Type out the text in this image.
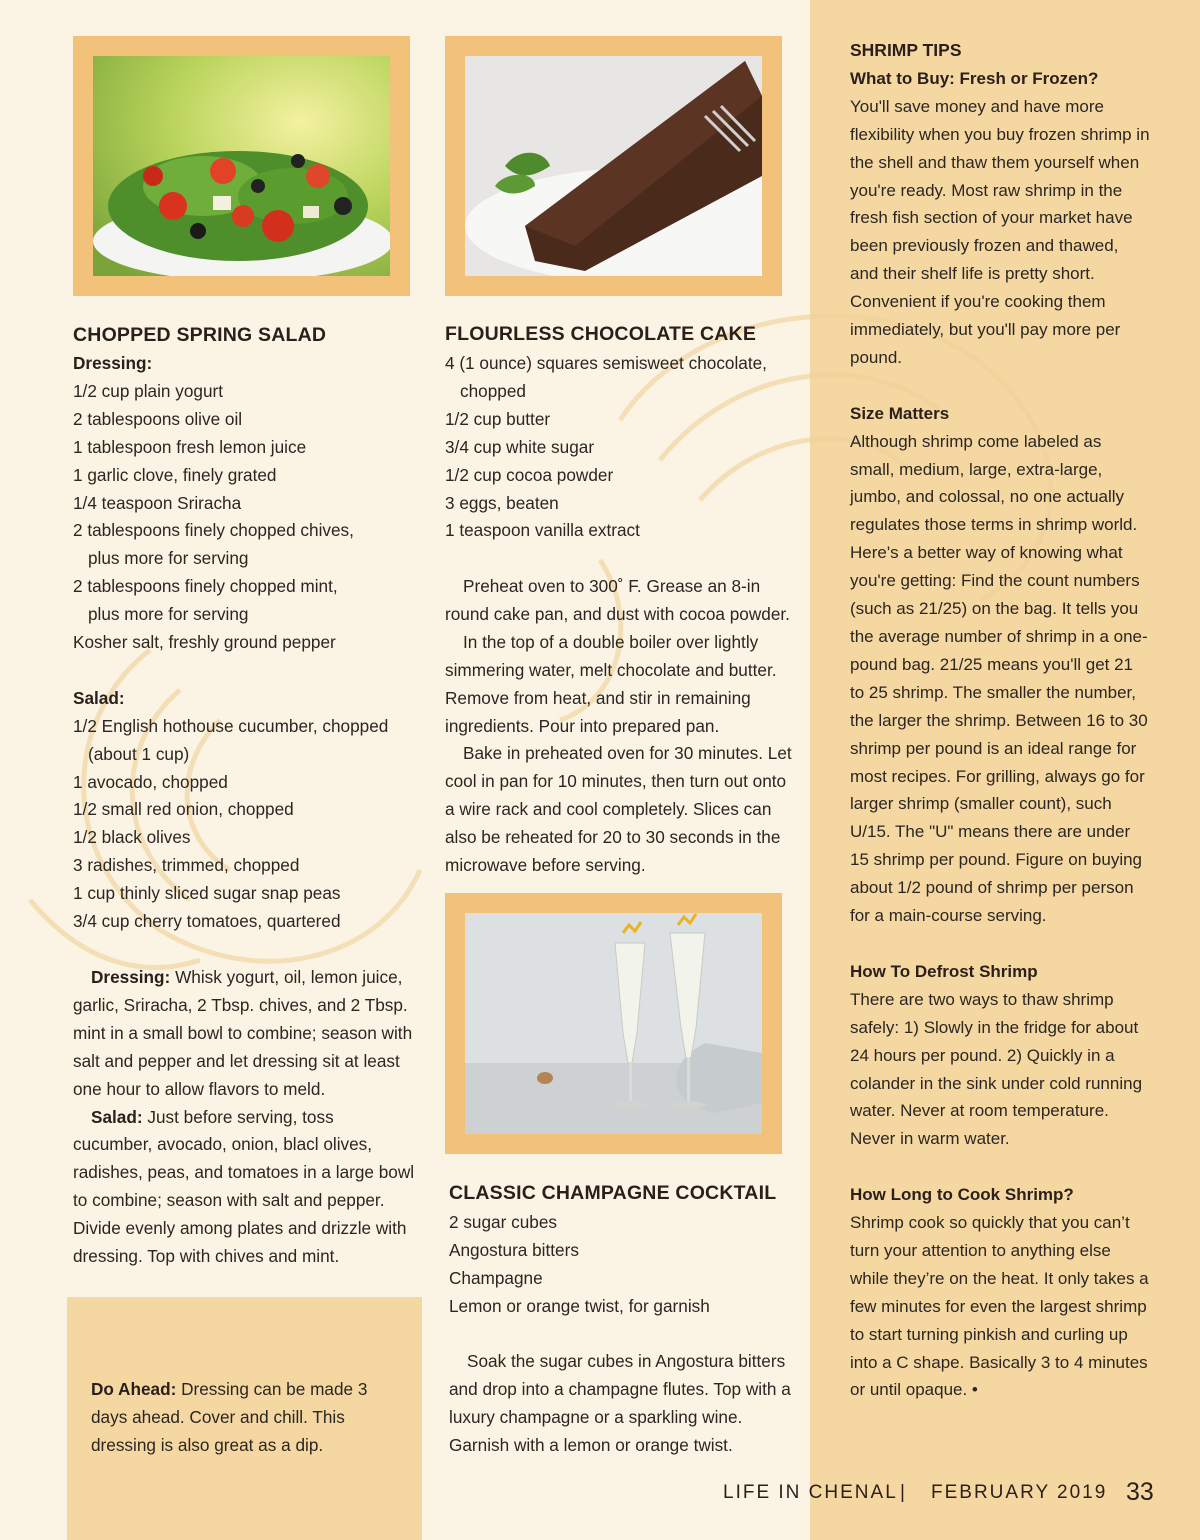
CHOPPED SPRING SALAD
Dressing:
1/2 cup plain yogurt
2 tablespoons olive oil
1 tablespoon fresh lemon juice
1 garlic clove, finely grated
1/4 teaspoon Sriracha
2 tablespoons finely chopped chives,
plus more for serving
2 tablespoons finely chopped mint,
plus more for serving
Kosher salt, freshly ground pepper
Salad:
1/2 English hothouse cucumber, chopped
(about 1 cup)
1 avocado, chopped
1/2 small red onion, chopped
1/2 black olives
3 radishes, trimmed, chopped
1 cup thinly sliced sugar snap peas
3/4 cup cherry tomatoes, quartered

Dressing: Whisk yogurt, oil, lemon juice, garlic, Sriracha, 2 Tbsp. chives, and 2 Tbsp. mint in a small bowl to combine; season with salt and pepper and let dressing sit at least one hour to allow flavors to meld.

Salad: Just before serving, toss cucumber, avocado, onion, blacl olives, radishes, peas, and tomatoes in a large bowl to combine; season with salt and pepper. Divide evenly among plates and drizzle with dressing. Top with chives and mint.

Do Ahead: Dressing can be made 3 days ahead. Cover and chill. This dressing is also great as a dip.

FLOURLESS CHOCOLATE CAKE
4 (1 ounce) squares semisweet chocolate,
chopped
1/2 cup butter
3/4 cup white sugar
1/2 cup cocoa powder
3 eggs, beaten
1 teaspoon vanilla extract

Preheat oven to 300˚ F. Grease an 8-in round cake pan, and dust with cocoa powder.

In the top of a double boiler over lightly simmering water, melt chocolate and butter. Remove from heat, and stir in remaining ingredients. Pour into prepared pan.

Bake in preheated oven for 30 minutes. Let cool in pan for 10 minutes, then turn out onto a wire rack and cool completely. Slices can also be reheated for 20 to 30 seconds in the microwave before serving.

CLASSIC CHAMPAGNE COCKTAIL
2 sugar cubes
Angostura bitters
Champagne
Lemon or orange twist, for garnish

Soak the sugar cubes in Angostura bitters and drop into a champagne flutes. Top with a luxury champagne or a sparkling wine. Garnish with a lemon or orange twist.

SHRIMP TIPS
What to Buy: Fresh or Frozen?

You'll save money and have more flexibility when you buy frozen shrimp in the shell and thaw them yourself when you're ready. Most raw shrimp in the fresh fish section of your market have been previously frozen and thawed, and their shelf life is pretty short. Convenient if you're cooking them immediately, but you'll pay more per pound.

Size Matters

Although shrimp come labeled as small, medium, large, extra-large, jumbo, and colossal, no one actually regulates those terms in shrimp world. Here's a better way of knowing what you're getting: Find the count numbers (such as 21/25) on the bag. It tells you the average number of shrimp in a one-pound bag. 21/25 means you'll get 21 to 25 shrimp. The smaller the number, the larger the shrimp. Between 16 to 30 shrimp per pound is an ideal range for most recipes. For grilling, always go for larger shrimp (smaller count), such U/15. The "U" means there are under 15 shrimp per pound. Figure on buying about 1/2 pound of shrimp per person for a main-course serving.

How To Defrost Shrimp

There are two ways to thaw shrimp safely: 1) Slowly in the fridge for about 24 hours per pound. 2) Quickly in a colander in the sink under cold running water. Never at room temperature. Never in warm water.

How Long to Cook Shrimp?

Shrimp cook so quickly that you can’t turn your attention to anything else while they’re on the heat. It only takes a few minutes for even the largest shrimp to start turning pinkish and curling up into a C shape. Basically 3 to 4 minutes or until opaque. •

LIFE IN CHENAL | FEBRUARY 2019 33
